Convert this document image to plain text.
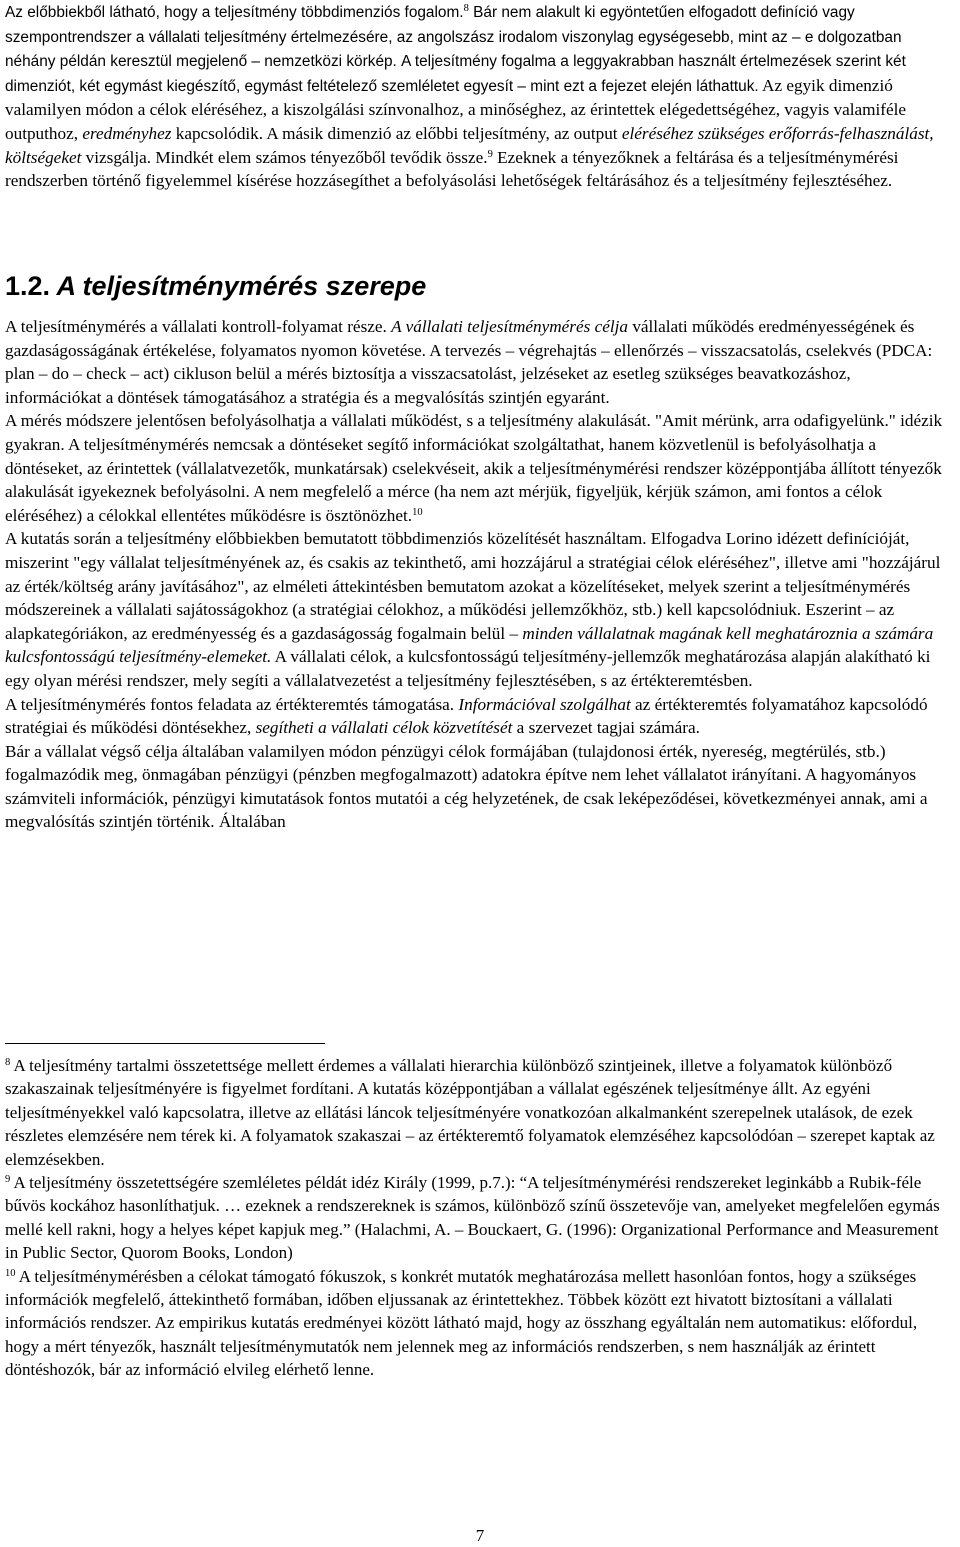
Az előbbiekből látható, hogy a teljesítmény többdimenziós fogalom.$^8$ Bár nem alakult ki egyöntetűen elfogadott definíció vagy szempontrendszer a vállalati teljesítmény értelmezésére, az angolszász irodalom viszonylag egységesebb, mint az – e dolgozatban néhány példán keresztül megjelenő – nemzetközi körkép. A teljesítmény fogalma a leggyakrabban használt értelmezések szerint két dimenziót, két egymást kiegészítő, egymást feltételező szemléletet egyesít – mint ezt a fejezet elején láthattuk. Az egyik dimenzió valamilyen módon a célok eléréséhez, a kiszolgálási színvonalhoz, a minőséghez, az érintettek elégedettségéhez, vagyis valamiféle outputhoz, eredményhez kapcsolódik. A másik dimenzió az előbbi teljesítmény, az output eléréséhez szükséges erőforrás-felhasználást, költségeket vizsgálja. Mindkét elem számos tényezőből tevődik össze.$^9$ Ezeknek a tényezőknek a feltárása és a teljesítménymérési rendszerben történő figyelemmel kísérése hozzásegíthet a befolyásolási lehetőségek feltárásához és a teljesítmény fejlesztéséhez.

1.2. A teljesítménymérés szerepe

A teljesítménymérés a vállalati kontroll-folyamat része. A vállalati teljesítménymérés célja vállalati működés eredményességének és gazdaságosságának értékelése, folyamatos nyomon követése. A tervezés – végrehajtás – ellenőrzés – visszacsatolás, cselekvés (PDCA: plan – do – check – act) cikluson belül a mérés biztosítja a visszacsatolást, jelzéseket az esetleg szükséges beavatkozáshoz, információkat a döntések támogatásához a stratégia és a megvalósítás szintjén egyaránt.

A mérés módszere jelentősen befolyásolhatja a vállalati működést, s a teljesítmény alakulását. "Amit mérünk, arra odafigyelünk." idézik gyakran. A teljesítménymérés nemcsak a döntéseket segítő információkat szolgáltathat, hanem közvetlenül is befolyásolhatja a döntéseket, az érintettek (vállalatvezetők, munkatársak) cselekvéseit, akik a teljesítménymérési rendszer középpontjába állított tényezők alakulását igyekeznek befolyásolni. A nem megfelelő a mérce (ha nem azt mérjük, figyeljük, kérjük számon, ami fontos a célok eléréséhez) a célokkal ellentétes működésre is ösztönözhet.$^{10}$

A kutatás során a teljesítmény előbbiekben bemutatott többdimenziós közelítését használtam. Elfogadva Lorino idézett definícióját, miszerint "egy vállalat teljesítményének az, és csakis az tekinthető, ami hozzájárul a stratégiai célok eléréséhez", illetve ami "hozzájárul az érték/költség arány javításához", az elméleti áttekintésben bemutatom azokat a közelítéseket, melyek szerint a teljesítménymérés módszereinek a vállalati sajátosságokhoz (a stratégiai célokhoz, a működési jellemzőkhöz, stb.) kell kapcsolódniuk. Eszerint – az alapkategóriákon, az eredményesség és a gazdaságosság fogalmain belül – minden vállalatnak magának kell meghatároznia a számára kulcsfontosságú teljesítmény-elemeket. A vállalati célok, a kulcsfontosságú teljesítmény-jellemzők meghatározása alapján alakítható ki egy olyan mérési rendszer, mely segíti a vállalatvezetést a teljesítmény fejlesztésében, s az értékteremtésben.

A teljesítménymérés fontos feladata az értékteremtés támogatása. Információval szolgálhat az értékteremtés folyamatához kapcsolódó stratégiai és működési döntésekhez, segítheti a vállalati célok közvetítését a szervezet tagjai számára.

Bár a vállalat végső célja általában valamilyen módon pénzügyi célok formájában (tulajdonosi érték, nyereség, megtérülés, stb.) fogalmazódik meg, önmagában pénzügyi (pénzben megfogalmazott) adatokra építve nem lehet vállalatot irányítani. A hagyományos számviteli információk, pénzügyi kimutatások fontos mutatói a cég helyzetének, de csak leképeződései, következményei annak, ami a megvalósítás szintjén történik. Általában

$^8$ A teljesítmény tartalmi összetettsége mellett érdemes a vállalati hierarchia különböző szintjeinek, illetve a folyamatok különböző szakaszainak teljesítményére is figyelmet fordítani. A kutatás középpontjában a vállalat egészének teljesítménye állt. Az egyéni teljesítményekkel való kapcsolatra, illetve az ellátási láncok teljesítményére vonatkozóan alkalmanként szerepelnek utalások, de ezek részletes elemzésére nem térek ki. A folyamatok szakaszai – az értékteremtő folyamatok elemzéséhez kapcsolódóan – szerepet kaptak az elemzésekben.

$^9$ A teljesítmény összetettségére szemléletes példát idéz Király (1999, p.7.): “A teljesítménymérési rendszereket leginkább a Rubik-féle bűvös kockához hasonlíthatjuk. … ezeknek a rendszereknek is számos, különböző színű összetevője van, amelyeket megfelelően egymás mellé kell rakni, hogy a helyes képet kapjuk meg.” (Halachmi, A. – Bouckaert, G. (1996): Organizational Performance and Measurement in Public Sector, Quorom Books, London)

$^{10}$ A teljesítménymérésben a célokat támogató fókuszok, s konkrét mutatók meghatározása mellett hasonlóan fontos, hogy a szükséges információk megfelelő, áttekinthető formában, időben eljussanak az érintettekhez. Többek között ezt hivatott biztosítani a vállalati információs rendszer. Az empirikus kutatás eredményei között látható majd, hogy az összhang egyáltalán nem automatikus: előfordul, hogy a mért tényezők, használt teljesítménymutatók nem jelennek meg az információs rendszerben, s nem használják az érintett döntéshozók, bár az információ elvileg elérhető lenne.

7
